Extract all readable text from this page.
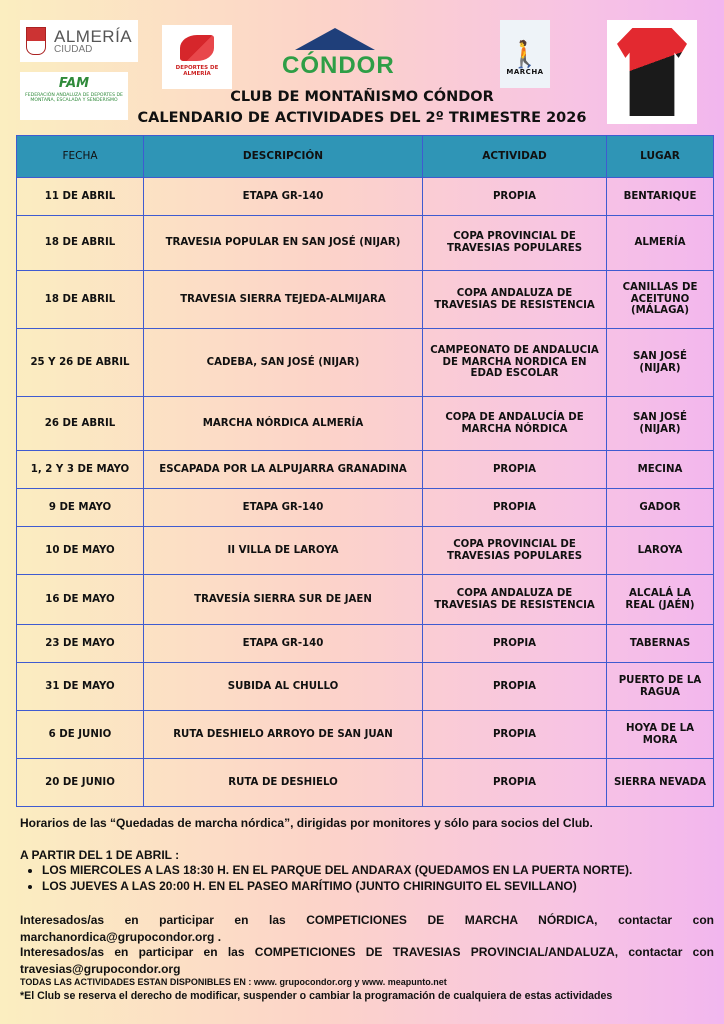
ALMERÍA
CIUDAD
FAM
FEDERACIÓN ANDALUZA DE DEPORTES DE MONTAÑA, ESCALADA Y SENDERISMO
DEPORTES DE ALMERÍA	CÓNDOR	🚶
MARCHA
CLUB DE MONTAÑISMO CÓNDOR
CALENDARIO DE ACTIVIDADES DEL 2º TRIMESTRE 2026
FECHA	DESCRIPCIÓN	ACTIVIDAD	LUGAR
11 DE ABRIL	ETAPA GR-140	PROPIA	BENTARIQUE
18 DE ABRIL	TRAVESIA POPULAR EN SAN JOSÉ (NIJAR)	COPA PROVINCIAL DE TRAVESIAS POPULARES	ALMERÍA
18 DE ABRIL	TRAVESIA SIERRA TEJEDA-ALMIJARA	COPA ANDALUZA DE TRAVESIAS DE RESISTENCIA	CANILLAS DE ACEITUNO (MÁLAGA)
25 Y 26 DE ABRIL	CADEBA, SAN JOSÉ (NIJAR)	CAMPEONATO DE ANDALUCIA DE MARCHA NORDICA EN EDAD ESCOLAR	SAN JOSÉ (NIJAR)
26 DE ABRIL	MARCHA NÓRDICA ALMERÍA	COPA DE ANDALUCÍA DE MARCHA NÓRDICA	SAN JOSÉ (NIJAR)
1, 2 Y 3 DE MAYO	ESCAPADA POR LA ALPUJARRA GRANADINA	PROPIA	MECINA
9 DE MAYO	ETAPA GR-140	PROPIA	GADOR
10 DE MAYO	II VILLA DE LAROYA	COPA PROVINCIAL DE TRAVESIAS POPULARES	LAROYA
16 DE MAYO	TRAVESÍA SIERRA SUR DE JAEN	COPA ANDALUZA DE TRAVESIAS DE RESISTENCIA	ALCALÁ LA REAL (JAÉN)
23 DE MAYO	ETAPA GR-140	PROPIA	TABERNAS
31 DE MAYO	SUBIDA AL CHULLO	PROPIA	PUERTO DE LA RAGUA
6 DE JUNIO	RUTA DESHIELO ARROYO DE SAN JUAN	PROPIA	HOYA DE LA MORA
20 DE JUNIO	RUTA DE DESHIELO	PROPIA	SIERRA NEVADA
Horarios de las “Quedadas de marcha nórdica”, dirigidas por monitores y sólo para socios del Club.
A PARTIR DEL 1 DE ABRIL :
• LOS MIERCOLES A LAS 18:30 H. EN EL PARQUE DEL ANDARAX (QUEDAMOS EN LA PUERTA NORTE).
• LOS JUEVES A LAS 20:00 H. EN EL PASEO MARÍTIMO (JUNTO CHIRINGUITO EL SEVILLANO)
Interesados/as en participar en las COMPETICIONES DE MARCHA NÓRDICA, contactar con marchanordica@grupocondor.org .
Interesados/as en participar en las COMPETICIONES DE TRAVESIAS PROVINCIAL/ANDALUZA, contactar con travesias@grupocondor.org
TODAS LAS ACTIVIDADES ESTAN DISPONIBLES EN : www. grupocondor.org y www. meapunto.net
*El Club se reserva el derecho de modificar, suspender o cambiar la programación de cualquiera de estas actividades
